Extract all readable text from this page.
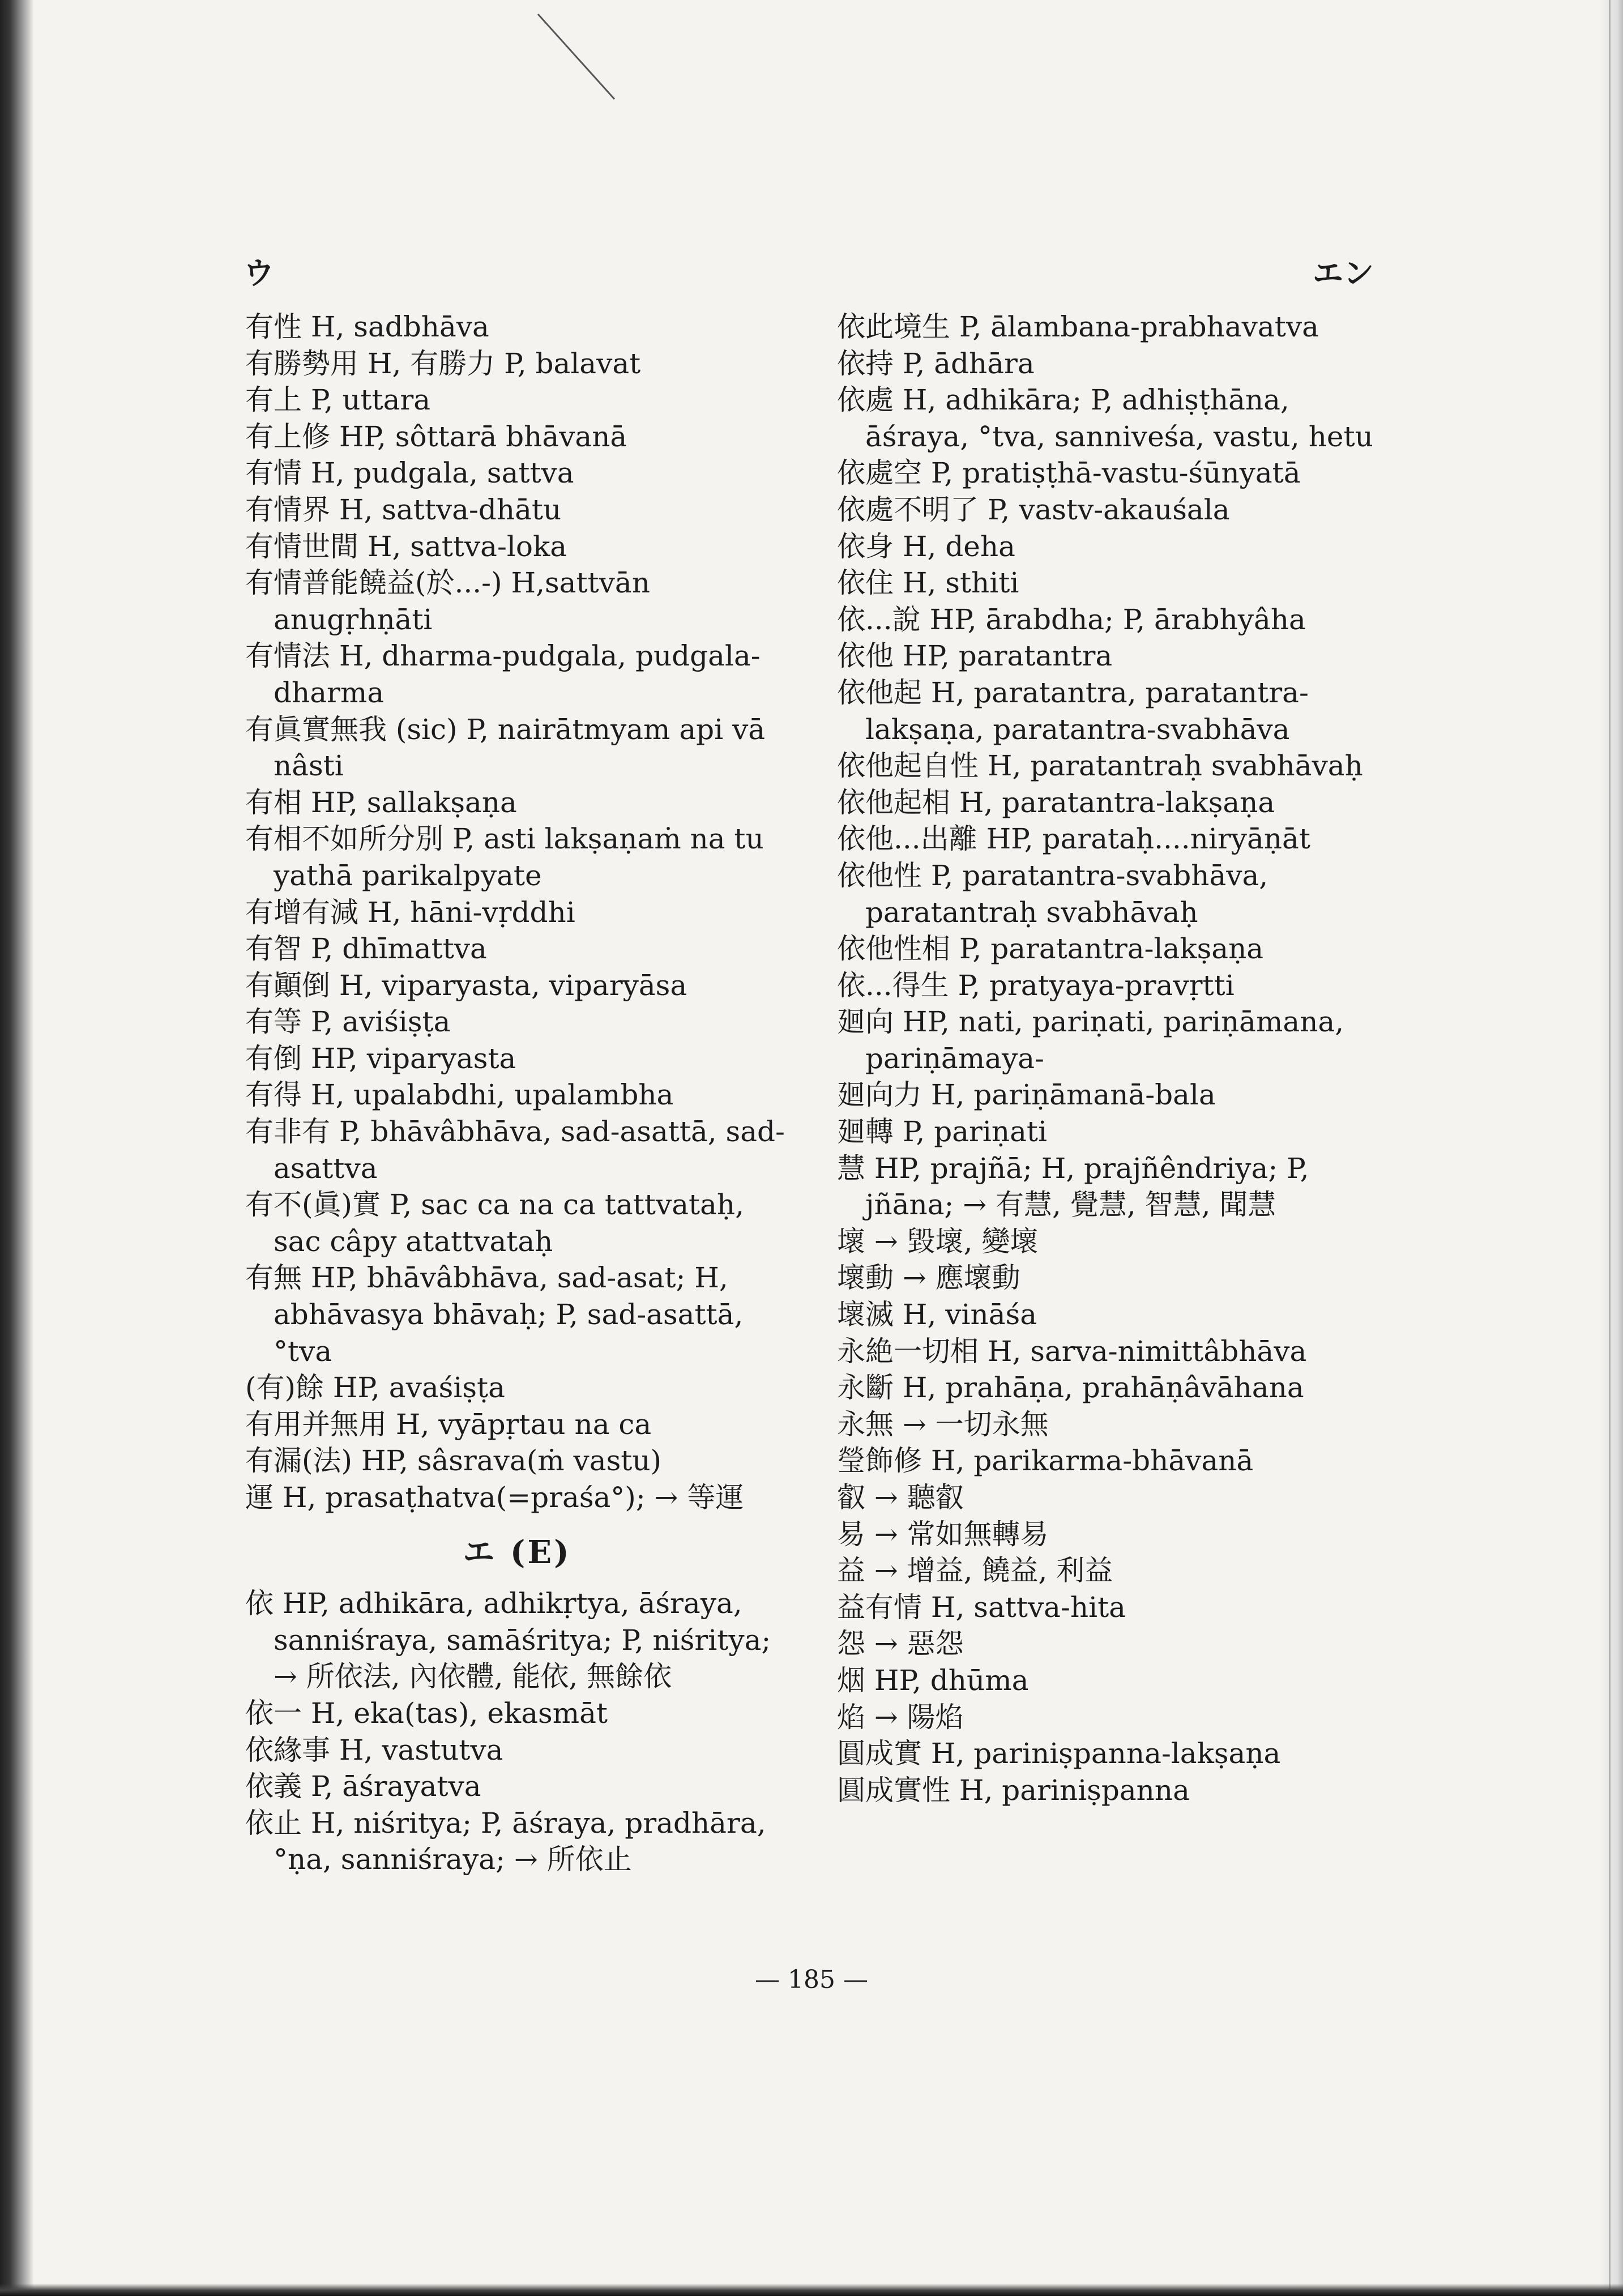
ウ	エン
有性 H, sadbhāva
有勝勢用 H, 有勝力 P, balavat
有上 P, uttara
有上修 HP, sôttarā bhāvanā
有情 H, pudgala, sattva
有情界 H, sattva-dhātu
有情世間 H, sattva-loka
有情普能饒益(於...-) H,sattvān anugṛhṇāti
有情法 H, dharma-pudgala, pudgala-dharma
有眞實無我 (sic) P, nairātmyam api vā nâsti
有相 HP, sallakṣaṇa
有相不如所分別 P, asti lakṣaṇaṁ na tu yathā parikalpyate
有增有減 H, hāni-vṛddhi
有智 P, dhīmattva
有顚倒 H, viparyasta, viparyāsa
有等 P, aviśiṣṭa
有倒 HP, viparyasta
有得 H, upalabdhi, upalambha
有非有 P, bhāvâbhāva, sad-asattā, sad-asattva
有不(眞)實 P, sac ca na ca tattvataḥ, sac câpy atattvataḥ
有無 HP, bhāvâbhāva, sad-asat; H, abhāvasya bhāvaḥ; P, sad-asattā, °tva
(有)餘 HP, avaśiṣṭa
有用并無用 H, vyāpṛtau na ca
有漏(法) HP, sâsrava(ṁ vastu)
運 H, prasaṭhatva(=praśa°); → 等運
エ (E)
依 HP, adhikāra, adhikṛtya, āśraya, sanniśraya, samāśritya; P, niśritya; → 所依法, 內依體, 能依, 無餘依
依一 H, eka(tas), ekasmāt
依緣事 H, vastutva
依義 P, āśrayatva
依止 H, niśritya; P, āśraya, pradhāra, °ṇa, sanniśraya; → 所依止
依此境生 P, ālambana-prabhavatva
依持 P, ādhāra
依處 H, adhikāra; P, adhiṣṭhāna, āśraya, °tva, sanniveśa, vastu, hetu
依處空 P, pratiṣṭhā-vastu-śūnyatā
依處不明了 P, vastv-akauśala
依身 H, deha
依住 H, sthiti
依...說 HP, ārabdha; P, ārabhyâha
依他 HP, paratantra
依他起 H, paratantra, paratantra-lakṣaṇa, paratantra-svabhāva
依他起自性 H, paratantraḥ svabhāvaḥ
依他起相 H, paratantra-lakṣaṇa
依他...出離 HP, parataḥ....niryāṇāt
依他性 P, paratantra-svabhāva, paratantraḥ svabhāvaḥ
依他性相 P, paratantra-lakṣaṇa
依...得生 P, pratyaya-pravṛtti
廻向 HP, nati, pariṇati, pariṇāmana, pariṇāmaya-
廻向力 H, pariṇāmanā-bala
廻轉 P, pariṇati
慧 HP, prajñā; H, prajñêndriya; P, jñāna; → 有慧, 覺慧, 智慧, 聞慧
壞 → 毀壞, 變壞
壞動 → 應壞動
壞滅 H, vināśa
永絶一切相 H, sarva-nimittâbhāva
永斷 H, prahāṇa, prahāṇâvāhana
永無 → 一切永無
瑩飾修 H, parikarma-bhāvanā
叡 → 聽叡
易 → 常如無轉易
益 → 增益, 饒益, 利益
益有情 H, sattva-hita
怨 → 惡怨
烟 HP, dhūma
焰 → 陽焰
圓成實 H, pariniṣpanna-lakṣaṇa
圓成實性 H, pariniṣpanna
— 185 —
